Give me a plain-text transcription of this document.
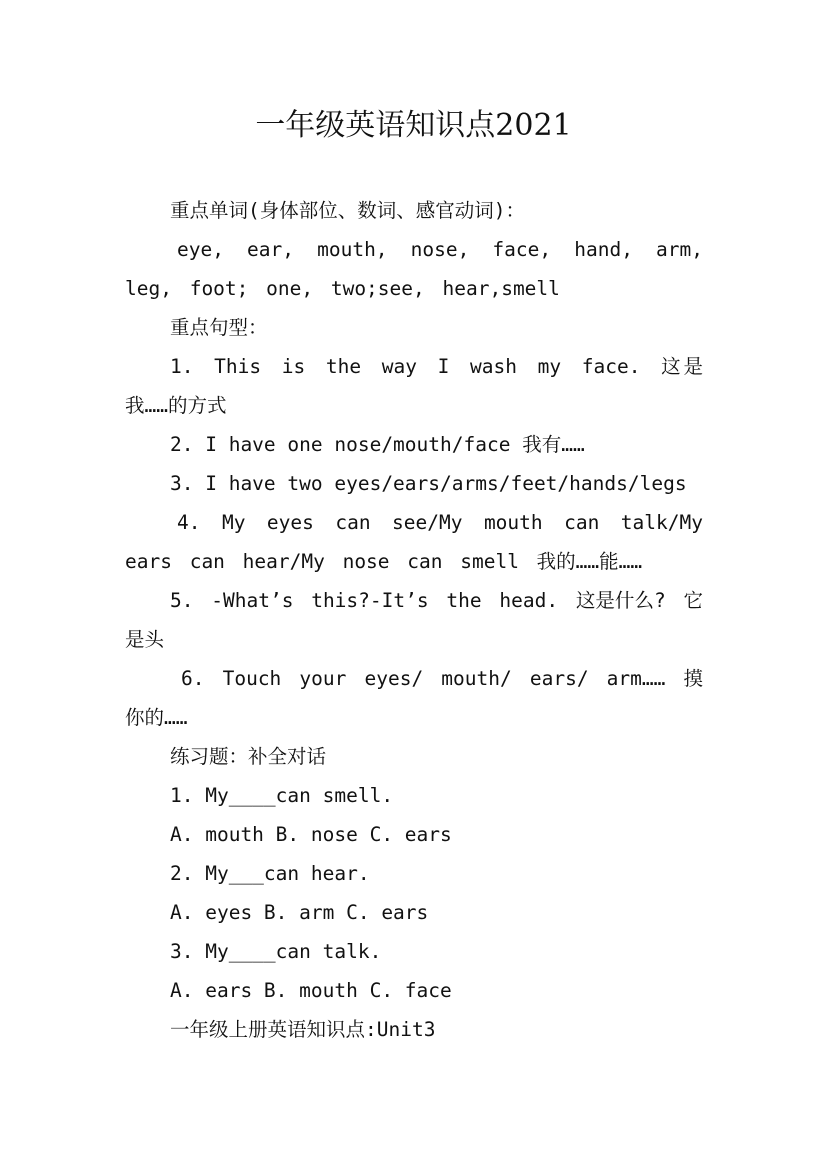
一年级英语知识点2021

重点单词(身体部位、数词、感官动词)：

eye, ear, mouth, nose, face, hand, arm, leg, foot; one, two;see, hear,smell

重点句型：

1. This is the way I wash my face. 这是我……的方式

2. I have one nose/mouth/face 我有……

3. I have two eyes/ears/arms/feet/hands/legs

4. My eyes can see/My mouth can talk/My ears can hear/My nose can smell 我的……能……

5. -What’s this?-It’s the head. 这是什么? 它是头

6. Touch your eyes/ mouth/ ears/ arm…… 摸你的……

练习题：补全对话

1. My____can smell.

A. mouth B. nose C. ears

2. My___can hear.

A. eyes B. arm C. ears

3. My____can talk.

A. ears B. mouth C. face

一年级上册英语知识点:Unit3
